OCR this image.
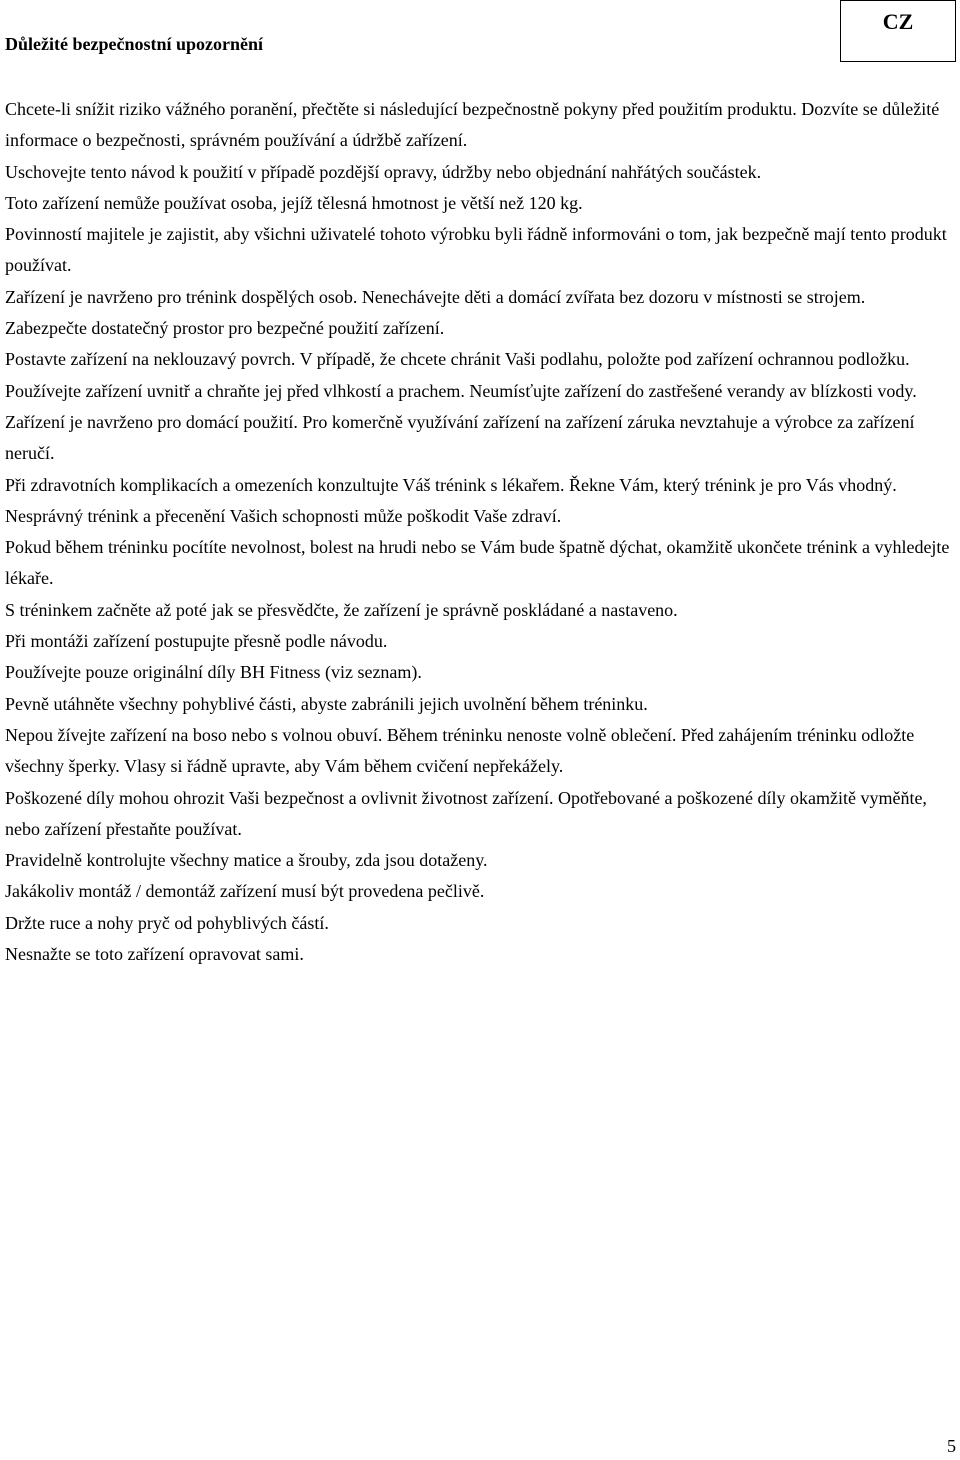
Důležité bezpečnostní upozornění
CZ

Chcete-li snížit riziko vážného poranění, přečtěte si následující bezpečnostně pokyny před použitím produktu. Dozvíte se důležité informace o bezpečnosti, správném používání a údržbě zařízení.

Uschovejte tento návod k použití v případě pozdější opravy, údržby nebo objednání nahřátých součástek.

Toto zařízení nemůže používat osoba, jejíž tělesná hmotnost je větší než 120 kg.

Povinností majitele je zajistit, aby všichni uživatelé tohoto výrobku byli řádně informováni o tom, jak bezpečně mají tento produkt používat.

Zařízení je navrženo pro trénink dospělých osob. Nenechávejte děti a domácí zvířata bez dozoru v místnosti se strojem.

Zabezpečte dostatečný prostor pro bezpečné použití zařízení.

Postavte zařízení na neklouzavý povrch. V případě, že chcete chránit Vaši podlahu, položte pod zařízení ochrannou podložku.

Používejte zařízení uvnitř a chraňte jej před vlhkostí a prachem. Neumísťujte zařízení do zastřešené verandy av blízkosti vody.

Zařízení je navrženo pro domácí použití. Pro komerčně využívání zařízení na zařízení záruka nevztahuje a výrobce za zařízení neručí.

Při zdravotních komplikacích a omezeních konzultujte Váš trénink s lékařem. Řekne Vám, který trénink je pro Vás vhodný.

Nesprávný trénink a přecenění Vašich schopnosti může poškodit Vaše zdraví.

Pokud během tréninku pocítíte nevolnost, bolest na hrudi nebo se Vám bude špatně dýchat, okamžitě ukončete trénink a vyhledejte lékaře.

S tréninkem začněte až poté jak se přesvědčte, že zařízení je správně poskládané a nastaveno.

Při montáži zařízení postupujte přesně podle návodu.

Používejte pouze originální díly BH Fitness (viz seznam).

Pevně utáhněte všechny pohyblivé části, abyste zabránili jejich uvolnění během tréninku.

Nepou žívejte zařízení na boso nebo s volnou obuví. Během tréninku nenoste volně oblečení. Před zahájením tréninku odložte všechny šperky. Vlasy si řádně upravte, aby Vám během cvičení nepřekážely.

Poškozené díly mohou ohrozit Vaši bezpečnost a ovlivnit životnost zařízení. Opotřebované a poškozené díly okamžitě vyměňte, nebo zařízení přestaňte používat.

Pravidelně kontrolujte všechny matice a šrouby, zda jsou dotaženy.

Jakákoliv montáž / demontáž zařízení musí být provedena pečlivě.

Držte ruce a nohy pryč od pohyblivých částí.

Nesnažte se toto zařízení opravovat sami.

5
